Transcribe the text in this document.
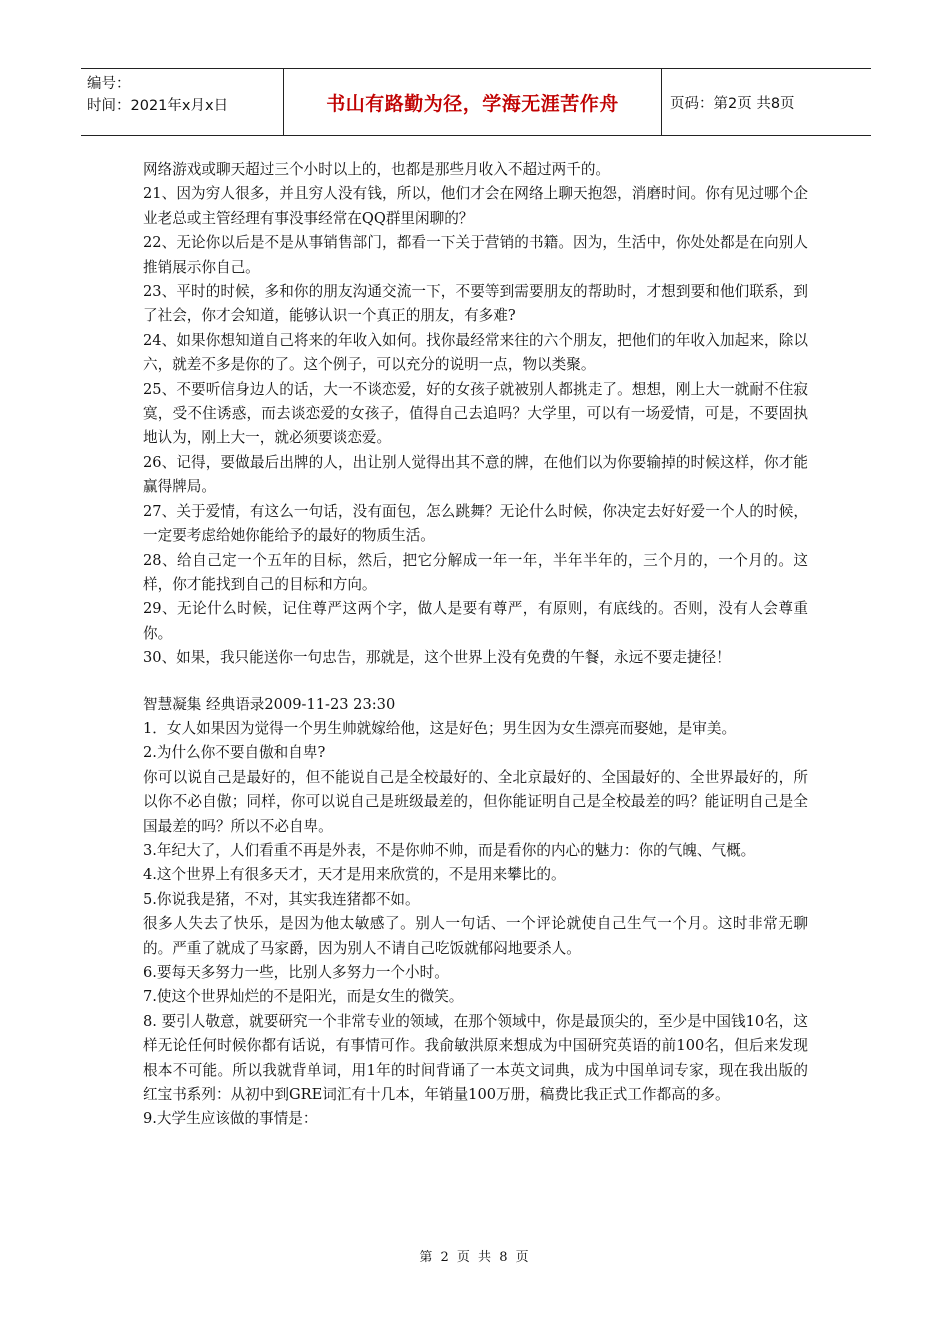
编号：
时间：2021年x月x日	书山有路勤为径，学海无涯苦作舟	页码：第2页 共8页

网络游戏或聊天超过三个小时以上的，也都是那些月收入不超过两千的。

21、因为穷人很多，并且穷人没有钱，所以，他们才会在网络上聊天抱怨，消磨时间。你有见过哪个企业老总或主管经理有事没事经常在QQ群里闲聊的？

22、无论你以后是不是从事销售部门，都看一下关于营销的书籍。因为，生活中，你处处都是在向别人推销展示你自己。

23、平时的时候，多和你的朋友沟通交流一下，不要等到需要朋友的帮助时，才想到要和他们联系，到了社会，你才会知道，能够认识一个真正的朋友，有多难?

24、如果你想知道自己将来的年收入如何。找你最经常来往的六个朋友，把他们的年收入加起来，除以六，就差不多是你的了。这个例子，可以充分的说明一点，物以类聚。

25、不要听信身边人的话，大一不谈恋爱，好的女孩子就被别人都挑走了。想想，刚上大一就耐不住寂寞，受不住诱惑，而去谈恋爱的女孩子，值得自己去追吗？大学里，可以有一场爱情，可是，不要固执地认为，刚上大一，就必须要谈恋爱。

26、记得，要做最后出牌的人，出让别人觉得出其不意的牌，在他们以为你要输掉的时候这样，你才能赢得牌局。

27、关于爱情，有这么一句话，没有面包，怎么跳舞？无论什么时候，你决定去好好爱一个人的时候，一定要考虑给她你能给予的最好的物质生活。

28、给自己定一个五年的目标，然后，把它分解成一年一年，半年半年的，三个月的，一个月的。这样，你才能找到自己的目标和方向。

29、无论什么时候，记住尊严这两个字，做人是要有尊严，有原则，有底线的。否则，没有人会尊重你。

30、如果，我只能送你一句忠告，那就是，这个世界上没有免费的午餐，永远不要走捷径！

智慧凝集 经典语录2009-11-23 23:30

1．女人如果因为觉得一个男生帅就嫁给他，这是好色；男生因为女生漂亮而娶她，是审美。

2.为什么你不要自傲和自卑?

你可以说自己是最好的，但不能说自己是全校最好的、全北京最好的、全国最好的、全世界最好的，所以你不必自傲；同样，你可以说自己是班级最差的，但你能证明自己是全校最差的吗？能证明自己是全国最差的吗？所以不必自卑。

3.年纪大了，人们看重不再是外表，不是你帅不帅，而是看你的内心的魅力：你的气魄、气概。

4.这个世界上有很多天才，天才是用来欣赏的，不是用来攀比的。

5.你说我是猪，不对，其实我连猪都不如。

很多人失去了快乐，是因为他太敏感了。别人一句话、一个评论就使自己生气一个月。这时非常无聊的。严重了就成了马家爵，因为别人不请自己吃饭就郁闷地要杀人。

6.要每天多努力一些，比别人多努力一个小时。

7.使这个世界灿烂的不是阳光，而是女生的微笑。

8. 要引人敬意，就要研究一个非常专业的领域，在那个领域中，你是最顶尖的，至少是中国钱10名，这样无论任何时候你都有话说，有事情可作。我俞敏洪原来想成为中国研究英语的前100名，但后来发现根本不可能。所以我就背单词，用1年的时间背诵了一本英文词典，成为中国单词专家，现在我出版的红宝书系列：从初中到GRE词汇有十几本，年销量100万册，稿费比我正式工作都高的多。

9.大学生应该做的事情是：

第 2 页 共 8 页
